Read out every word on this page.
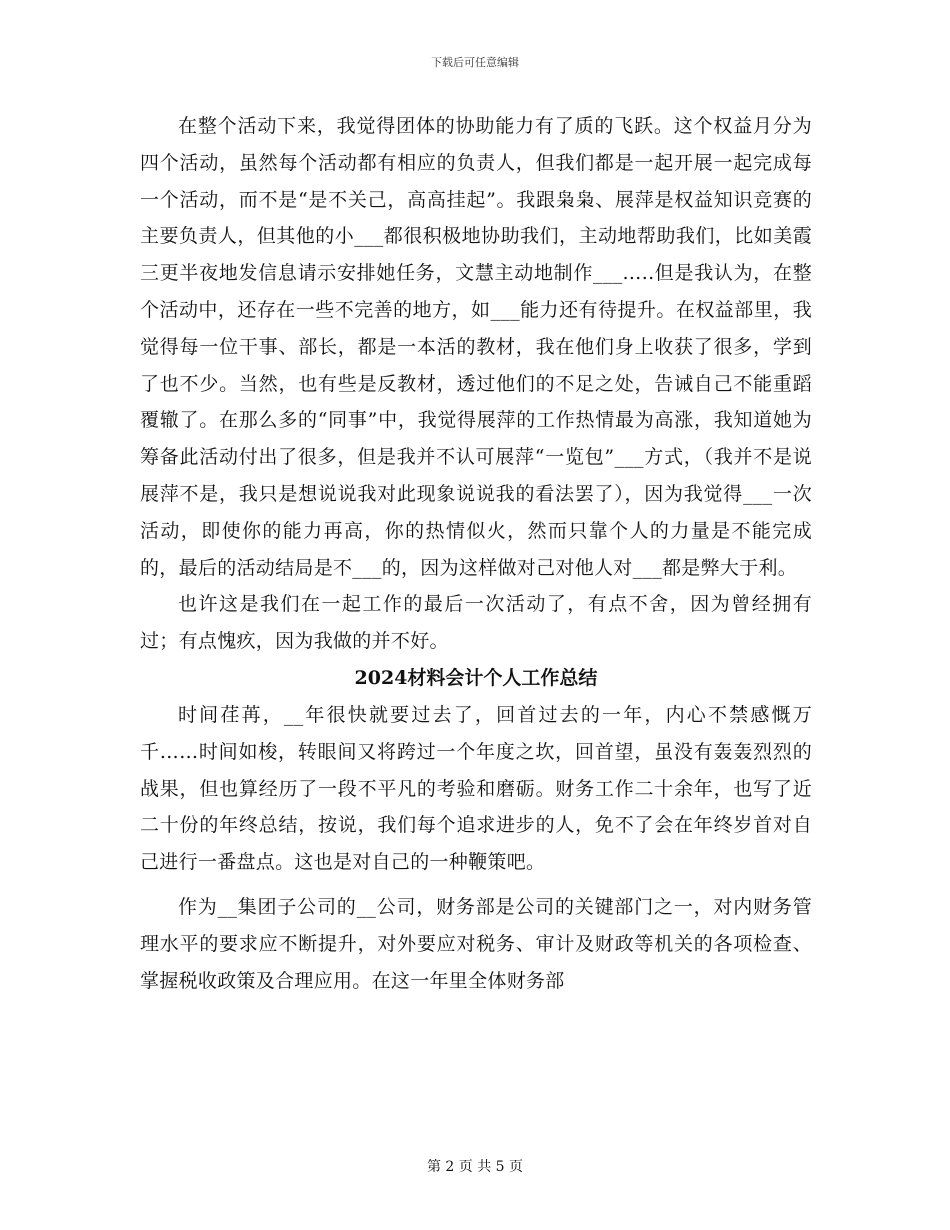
下载后可任意编辑

在整个活动下来，我觉得团体的协助能力有了质的飞跃。这个权益月分为四个活动，虽然每个活动都有相应的负责人，但我们都是一起开展一起完成每一个活动，而不是“是不关己，高高挂起”。我跟枭枭、展萍是权益知识竞赛的主要负责人，但其他的小___都很积极地协助我们，主动地帮助我们，比如美霞三更半夜地发信息请示安排她任务，文慧主动地制作___…..但是我认为，在整个活动中，还存在一些不完善的地方，如___能力还有待提升。在权益部里，我觉得每一位干事、部长，都是一本活的教材，我在他们身上收获了很多，学到了也不少。当然，也有些是反教材，透过他们的不足之处，告诫自己不能重蹈覆辙了。在那么多的“同事”中，我觉得展萍的工作热情最为高涨，我知道她为筹备此活动付出了很多，但是我并不认可展萍“一览包”___方式，（我并不是说展萍不是，我只是想说说我对此现象说说我的看法罢了），因为我觉得___一次活动，即使你的能力再高，你的热情似火，然而只靠个人的力量是不能完成的，最后的活动结局是不___的，因为这样做对己对他人对___都是弊大于利。

也许这是我们在一起工作的最后一次活动了，有点不舍，因为曾经拥有过；有点愧疚，因为我做的并不好。

2024材料会计个人工作总结

时间荏苒，__年很快就要过去了，回首过去的一年，内心不禁感慨万千……时间如梭，转眼间又将跨过一个年度之坎，回首望，虽没有轰轰烈烈的战果，但也算经历了一段不平凡的考验和磨砺。财务工作二十余年，也写了近二十份的年终总结，按说，我们每个追求进步的人，免不了会在年终岁首对自己进行一番盘点。这也是对自己的一种鞭策吧。

作为__集团子公司的__公司，财务部是公司的关键部门之一，对内财务管理水平的要求应不断提升，对外要应对税务、审计及财政等机关的各项检查、掌握税收政策及合理应用。在这一年里全体财务部

第 2 页 共 5 页
